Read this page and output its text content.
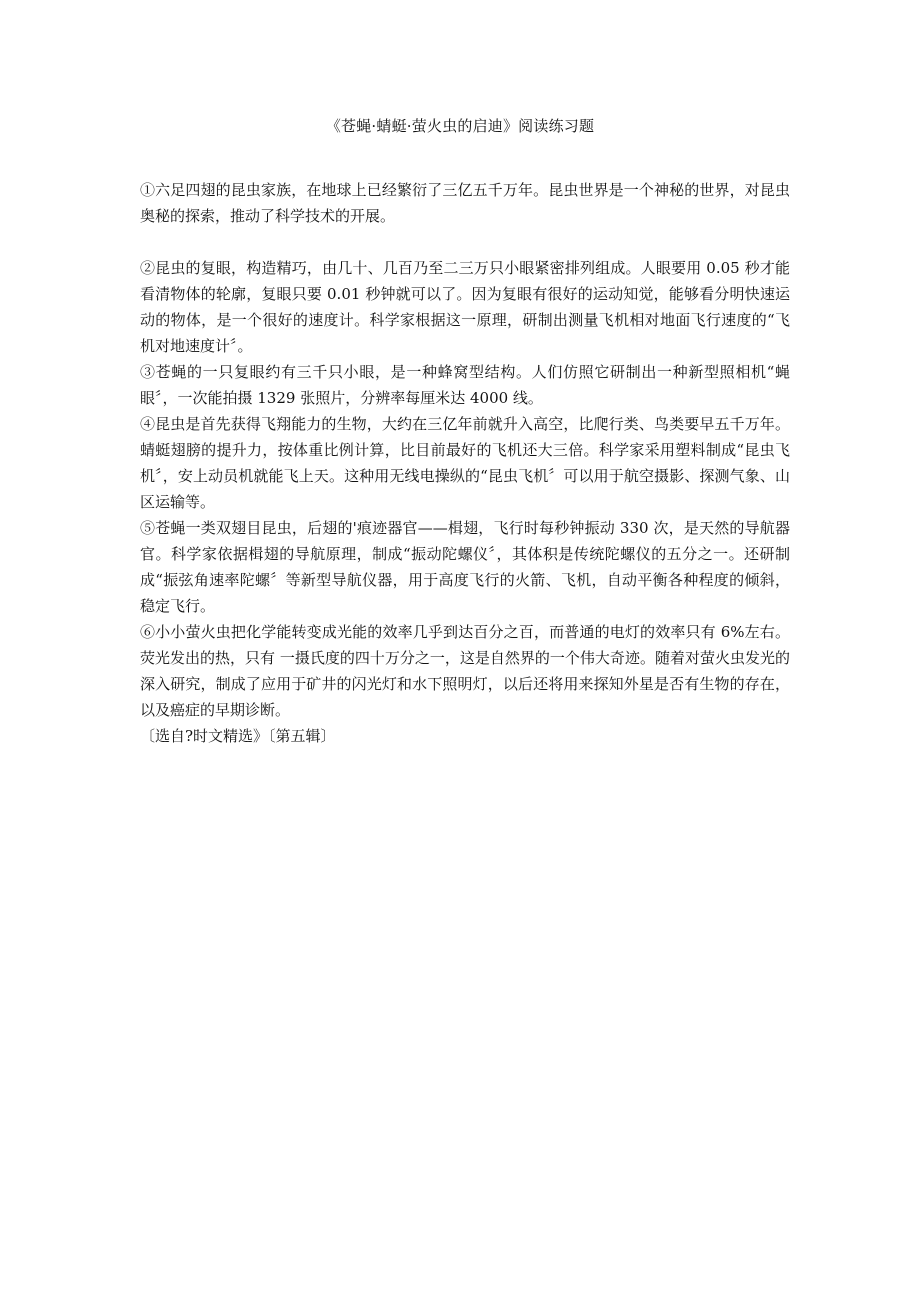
《苍蝇·蜻蜓·萤火虫的启迪》阅读练习题

①六足四翅的昆虫家族，在地球上已经繁衍了三亿五千万年。昆虫世界是一个神秘的世界，对昆虫奥秘的探索，推动了科学技术的开展。

②昆虫的复眼，构造精巧，由几十、几百乃至二三万只小眼紧密排列组成。人眼要用 0.05 秒才能看清物体的轮廓，复眼只要 0.01 秒钟就可以了。因为复眼有很好的运动知觉，能够看分明快速运动的物体，是一个很好的速度计。科学家根据这一原理，研制出测量飞机相对地面飞行速度的“飞机对地速度计〞。

③苍蝇的一只复眼约有三千只小眼，是一种蜂窝型结构。人们仿照它研制出一种新型照相机“蝇眼〞，一次能拍摄 1329 张照片，分辨率每厘米达 4000 线。

④昆虫是首先获得飞翔能力的生物，大约在三亿年前就升入高空，比爬行类、鸟类要早五千万年。蜻蜓翅膀的提升力，按体重比例计算，比目前最好的飞机还大三倍。科学家采用塑料制成“昆虫飞机〞，安上动员机就能飞上天。这种用无线电操纵的“昆虫飞机〞可以用于航空摄影、探测气象、山区运输等。

⑤苍蝇一类双翅目昆虫，后翅的'痕迹器官——楫翅，飞行时每秒钟振动 330 次，是天然的导航器官。科学家依据楫翅的导航原理，制成“振动陀螺仪〞，其体积是传统陀螺仪的五分之一。还研制成“振弦角速率陀螺〞等新型导航仪器，用于高度飞行的火箭、飞机，自动平衡各种程度的倾斜，稳定飞行。

⑥小小萤火虫把化学能转变成光能的效率几乎到达百分之百，而普通的电灯的效率只有 6%左右。荧光发出的热，只有 一摄氏度的四十万分之一，这是自然界的一个伟大奇迹。随着对萤火虫发光的深入研究，制成了应用于矿井的闪光灯和水下照明灯，以后还将用来探知外星是否有生物的存在，以及癌症的早期诊断。

〔选自?时文精选》〔第五辑〕
